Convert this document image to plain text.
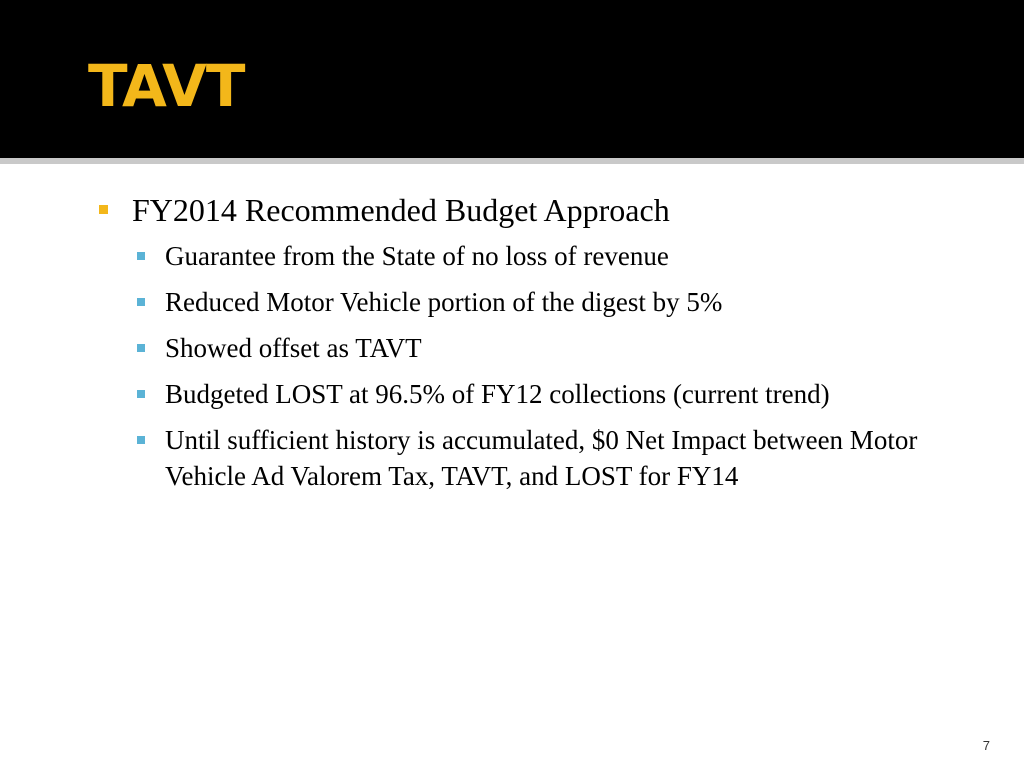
TAVT
FY2014 Recommended Budget Approach
Guarantee from the State of no loss of revenue
Reduced Motor Vehicle portion of the digest by 5%
Showed offset as TAVT
Budgeted LOST at 96.5% of FY12 collections (current trend)
Until sufficient history is accumulated, $0 Net Impact between Motor Vehicle Ad Valorem Tax, TAVT, and LOST for FY14
7
